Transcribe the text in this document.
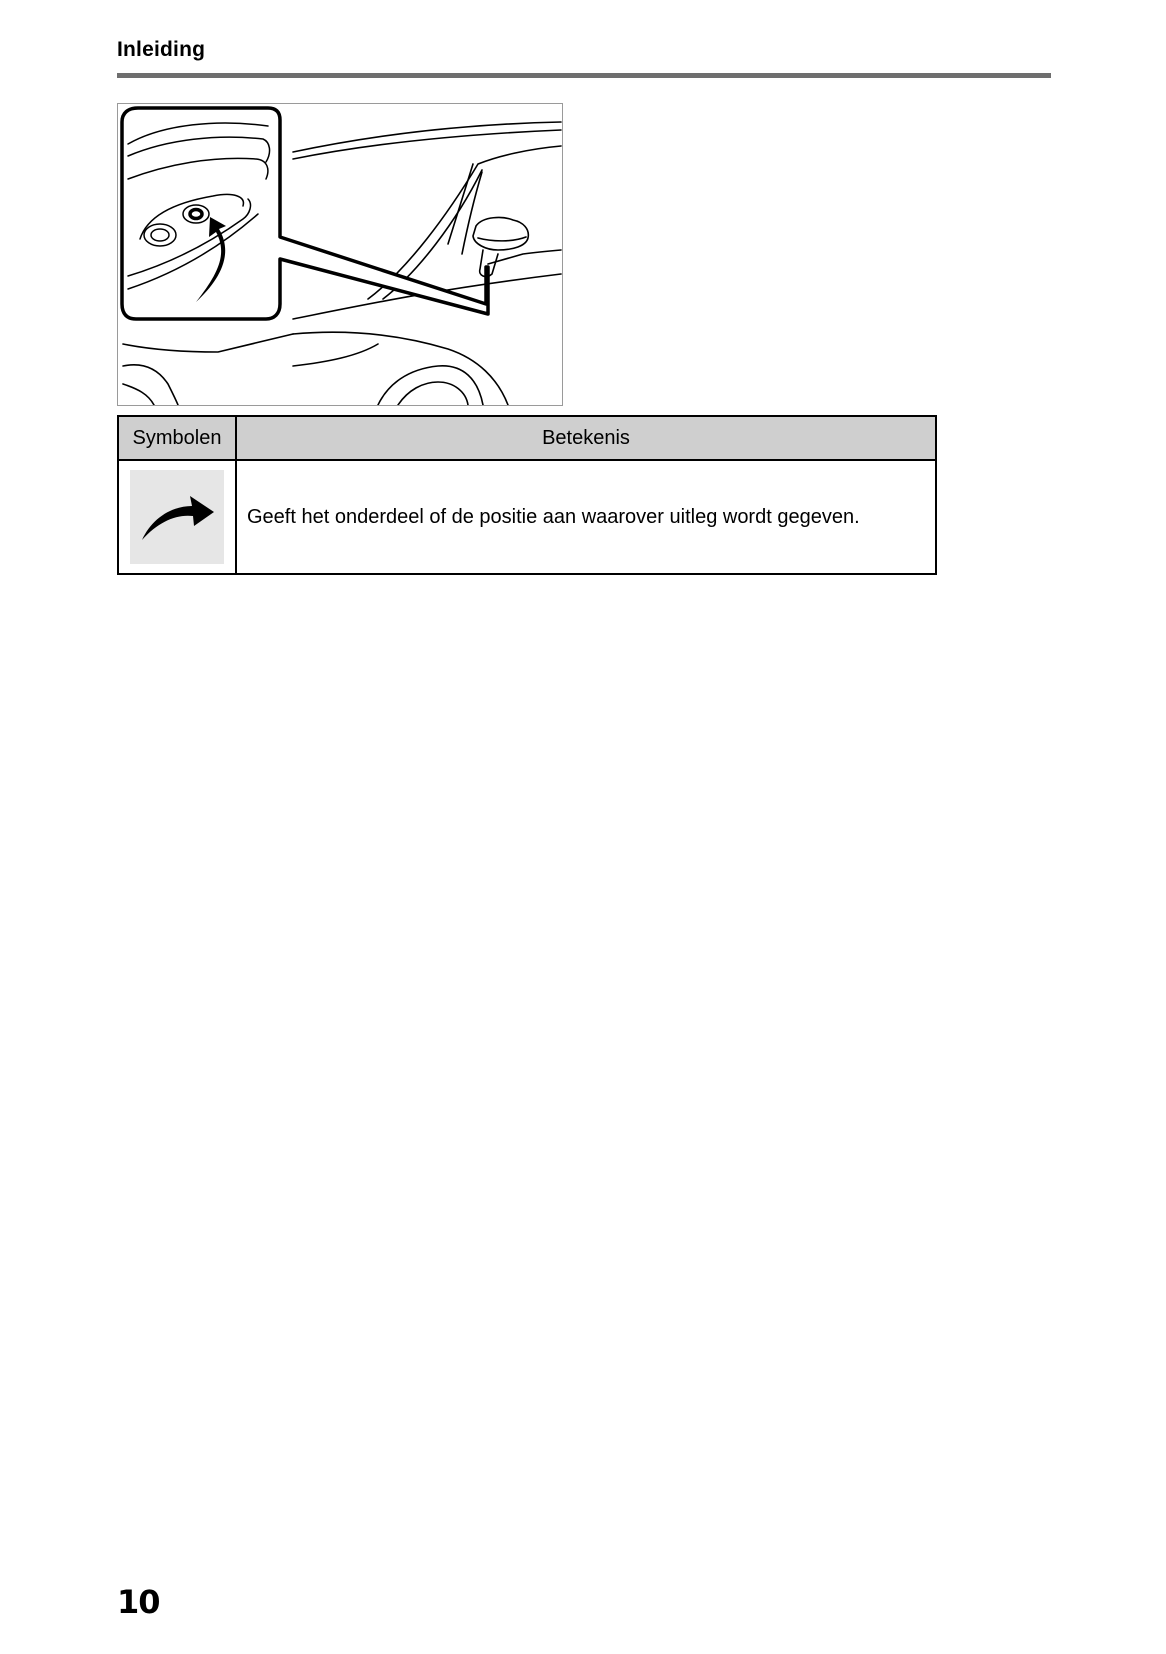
Inleiding
Symbolen	Betekenis

	Geeft het onderdeel of de positie aan waarover uitleg wordt gegeven.
10
